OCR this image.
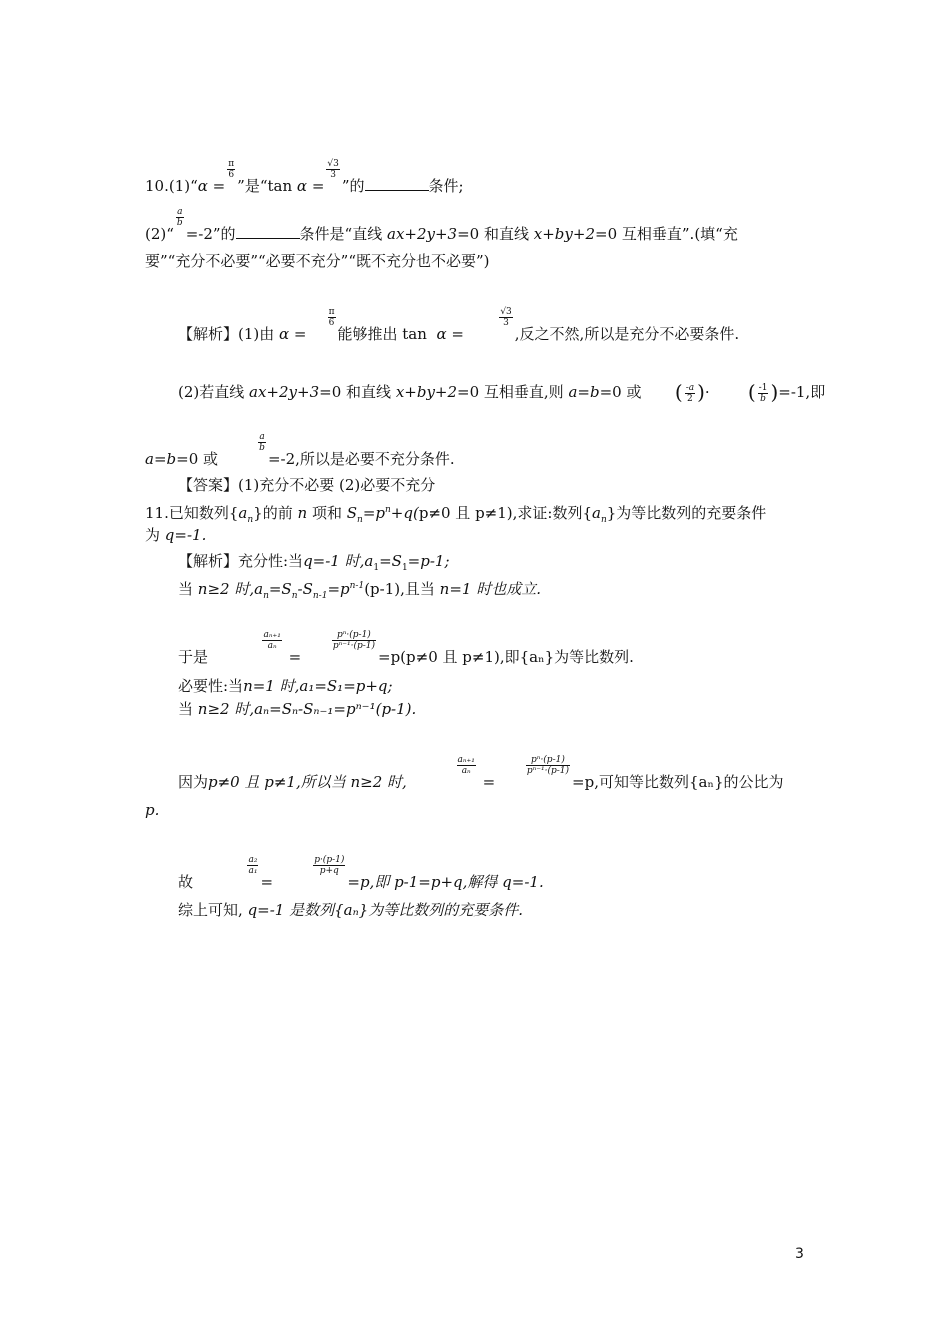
10.(1)“α =
$\frac{\pi}{6}$
”是“tan α =
$\frac{√3}{3}$
”的	条件;
(2)“
$\frac{a}{b}$
=-2”的	条件是“直线 ax+2y+3=0 和直线 x+by+2=0 互相垂直”.(填“充
要”“充分不必要”“必要不充分”“既不充分也不必要”)
【解析】(1)由 α =
$\frac{\pi}{6}$
能够推出 tan α =
$\frac{√3}{3}$
,反之不然,所以是充分不必要条件.
(2)若直线 ax+2y+3=0 和直线 x+by+2=0 互相垂直,则 a=b=0 或 ( $\frac{-a}{2}$ )·        ( $\frac{-1}{b} )=-1$,即
a=b=0 或
$\frac{a}{b}$
=-2,所以是必要不充分条件.
【答案】(1)充分不必要 (2)必要不充分
11.已知数列$\{a_n\}$的前 n 项和 $S_n=p^n+q(p\ne 0$ 且 p≠1),求证:数列$\{a_n\}$为等比数列的充要条件
为 q=-1.
【解析】充分性:当q=-1 时$,a_1=S_1=p-1$;
当 n≥2 时$,a_n=S_n-S_{n-1}=p^{n-1}(p-1)$,且当 n=1 时也成立.
于是
$\frac{\text{aₙ₊₁}}{\text{aₙ}}$
=
$\frac{\text{pⁿ·(p-1)}}{\text{pⁿ⁻¹·(p-1)}}$
=p(p≠0 且 p≠1),即{aₙ}为等比数列.
必要性:当n=1 时,a₁=S₁=p+q;
当 n≥2 时,aₙ=Sₙ-Sₙ₋₁=pⁿ⁻¹(p-1).
因为p≠0 且 p≠1,所以当 n≥2 时,
$\frac{\text{aₙ₊₁}}{\text{aₙ}}$
=
$\frac{\text{pⁿ·(p-1)}}{\text{pⁿ⁻¹·(p-1)}}$
=p,可知等比数列{aₙ}的公比为
p.
故
$\frac{\text{a₂}}{\text{a₁}}$
=
$\frac{p\cdot(p-1)}{p+q}$
=p,即 p-1=p+q,解得 q=-1.
综上可知, q=-1 是数列{aₙ}为等比数列的充要条件.
3
